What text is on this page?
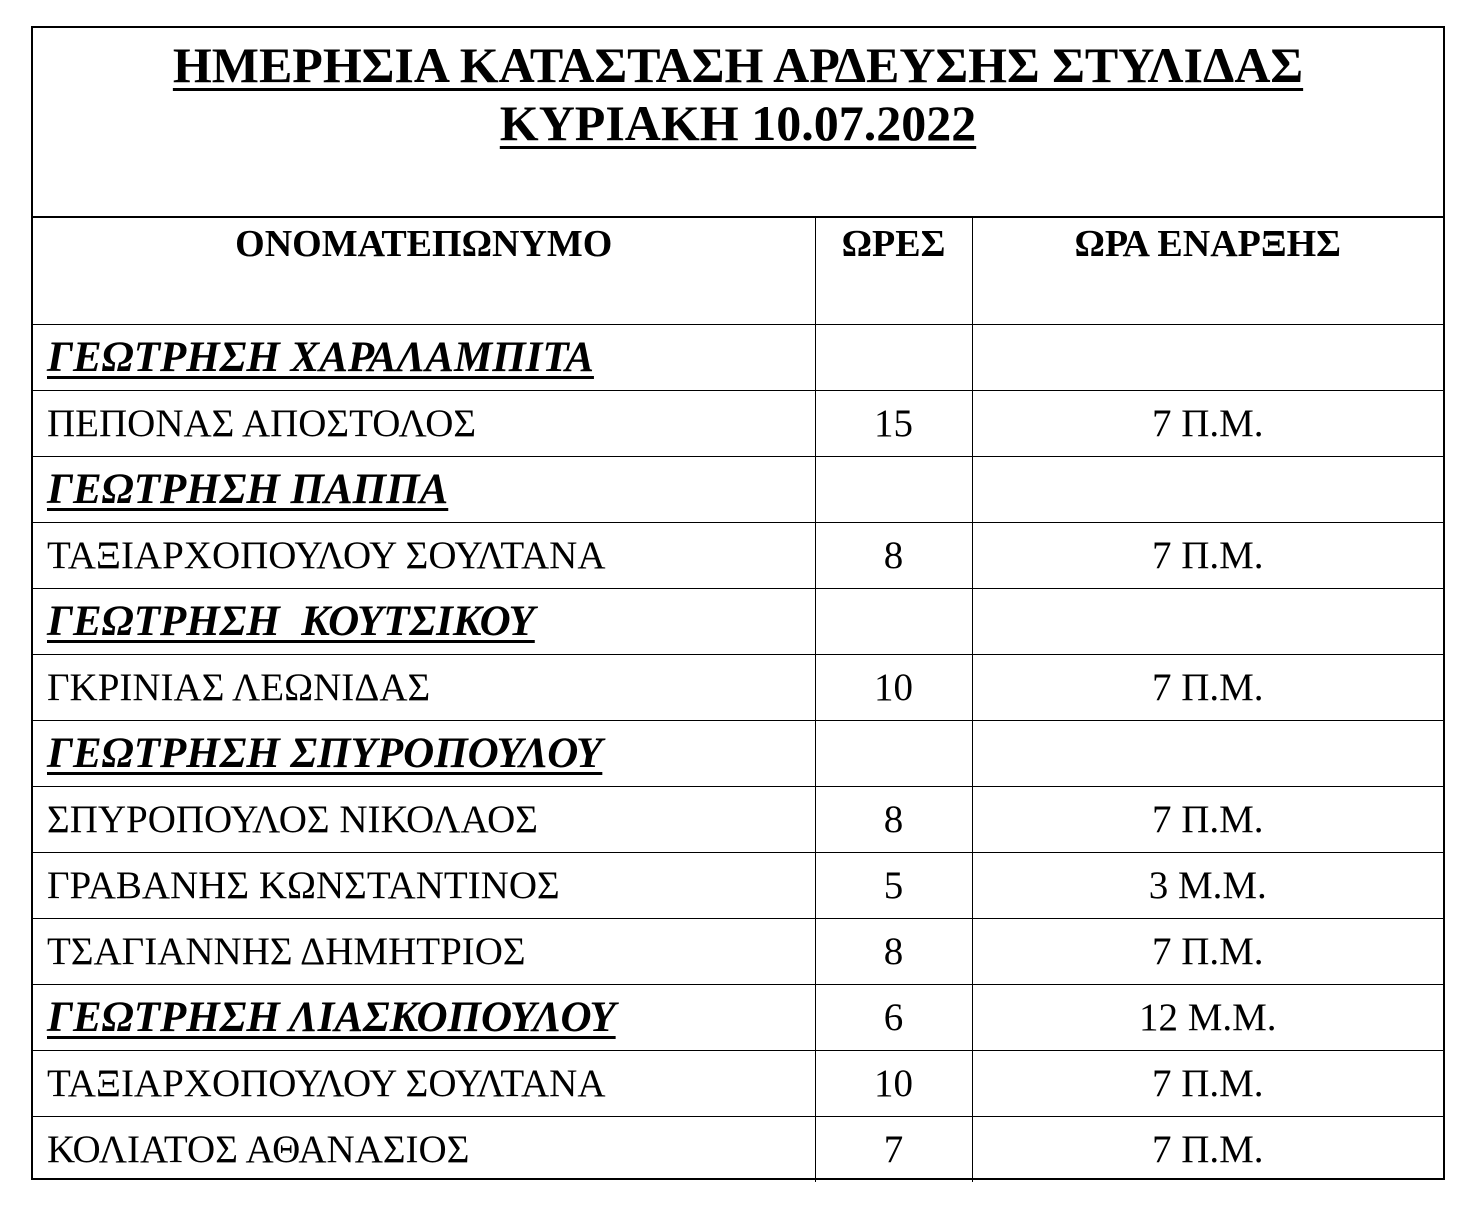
ΗΜΕΡΗΣΙΑ ΚΑΤΑΣΤΑΣΗ ΑΡΔΕΥΣΗΣ ΣΤΥΛΙΔΑΣ
ΚΥΡΙΑΚΗ 10.07.2022
ΟΝΟΜΑΤΕΠΩΝΥΜΟ	ΩΡΕΣ	ΩΡΑ ΕΝΑΡΞΗΣ
ΓΕΩΤΡΗΣΗ ΧΑΡΑΛΑΜΠΙΤΑ		
ΠΕΠΟΝΑΣ ΑΠΟΣΤΟΛΟΣ	15	7 Π.Μ.
ΓΕΩΤΡΗΣΗ ΠΑΠΠΑ		
ΤΑΞΙΑΡΧΟΠΟΥΛΟΥ ΣΟΥΛΤΑΝΑ	8	7 Π.Μ.
ΓΕΩΤΡΗΣΗ  ΚΟΥΤΣΙΚΟΥ		
ΓΚΡΙΝΙΑΣ ΛΕΩΝΙΔΑΣ	10	7 Π.Μ.
ΓΕΩΤΡΗΣΗ ΣΠΥΡΟΠΟΥΛΟΥ		
ΣΠΥΡΟΠΟΥΛΟΣ ΝΙΚΟΛΑΟΣ	8	7 Π.Μ.
ΓΡΑΒΑΝΗΣ ΚΩΝΣΤΑΝΤΙΝΟΣ	5	3 Μ.Μ.
ΤΣΑΓΙΑΝΝΗΣ ΔΗΜΗΤΡΙΟΣ	8	7 Π.Μ.
ΓΕΩΤΡΗΣΗ ΛΙΑΣΚΟΠΟΥΛΟΥ	6	12 Μ.Μ.
ΤΑΞΙΑΡΧΟΠΟΥΛΟΥ ΣΟΥΛΤΑΝΑ	10	7 Π.Μ.
ΚΟΛΙΑΤΟΣ ΑΘΑΝΑΣΙΟΣ	7	7 Π.Μ.
